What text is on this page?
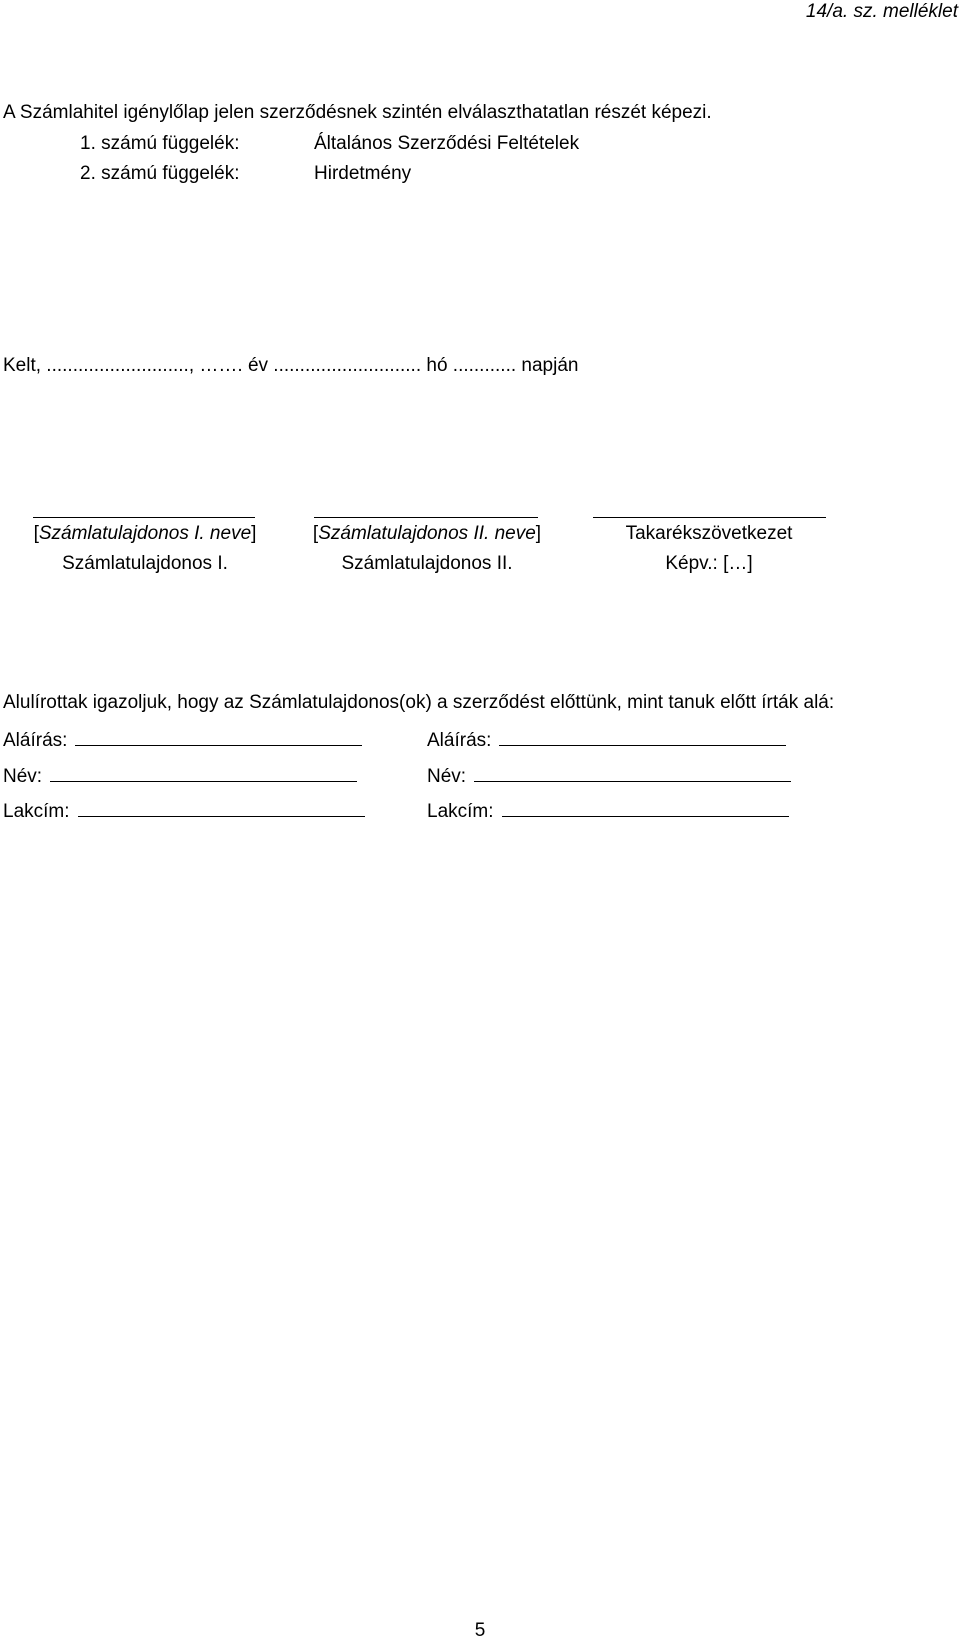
14/a. sz. melléklet
A Számlahitel igénylőlap jelen szerződésnek szintén elválaszthatatlan részét képezi.
1. számú függelék:	Általános Szerződési Feltételek
2. számú függelék:	Hirdetmény
Kelt, ..........................., ……. év ............................ hó ............ napján
[Számlatulajdonos I. neve]
Számlatulajdonos I.
[Számlatulajdonos II. neve]
Számlatulajdonos II.
Takarékszövetkezet
Képv.: […]
Alulírottak igazoljuk, hogy az Számlatulajdonos(ok) a szerződést előttünk, mint tanuk előtt írták alá:
Aláírás:
Név:
Lakcím:
Aláírás:
Név:
Lakcím:
5
